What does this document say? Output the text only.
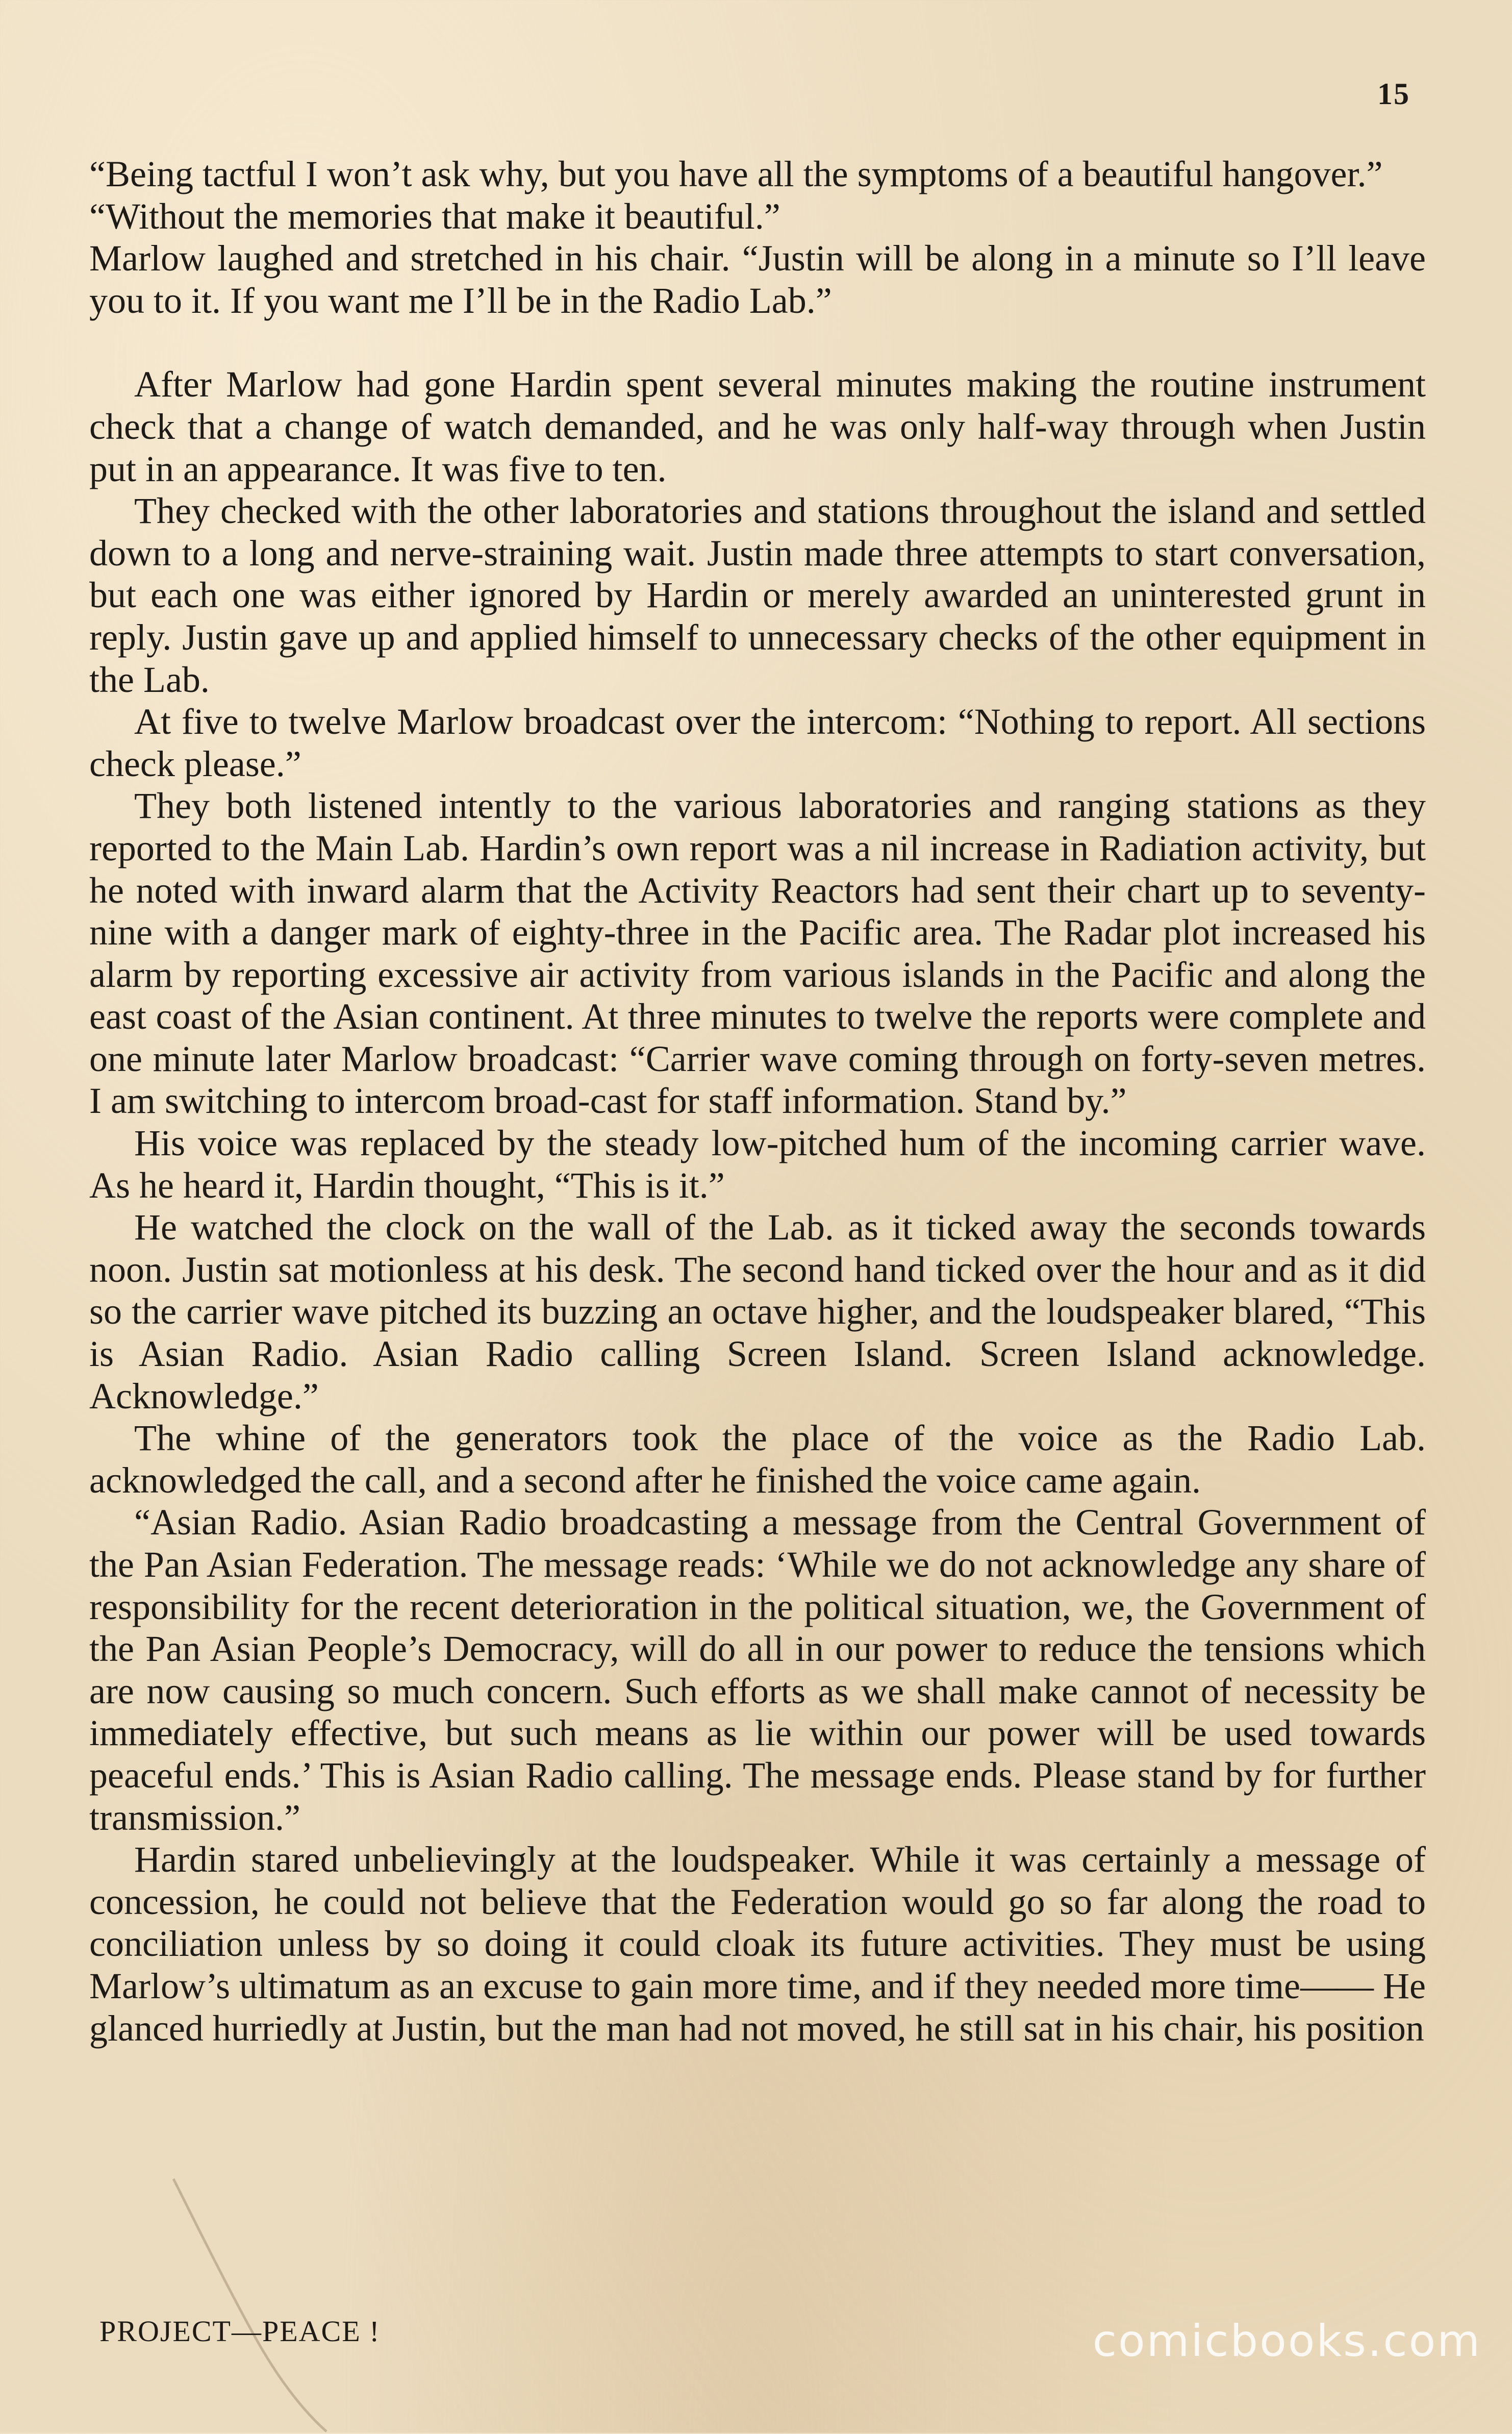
15

“Being tactful I won’t ask why, but you have all the symptoms of a beautiful hangover.”

“Without the memories that make it beautiful.”

Marlow laughed and stretched in his chair. “Justin will be along in a minute so I’ll leave you to it. If you want me I’ll be in the Radio Lab.”

After Marlow had gone Hardin spent several minutes making the routine instrument check that a change of watch demanded, and he was only half-way through when Justin put in an appearance. It was five to ten.

They checked with the other laboratories and stations throughout the island and settled down to a long and nerve-straining wait. Justin made three attempts to start conversation, but each one was either ignored by Hardin or merely awarded an uninterested grunt in reply. Justin gave up and applied himself to unnecessary checks of the other equipment in the Lab.

At five to twelve Marlow broadcast over the intercom: “Nothing to report. All sections check please.”

They both listened intently to the various laboratories and ranging stations as they reported to the Main Lab. Hardin’s own report was a nil increase in Radiation activity, but he noted with inward alarm that the Activity Reactors had sent their chart up to seventy-nine with a danger mark of eighty-three in the Pacific area. The Radar plot increased his alarm by reporting excessive air activity from various islands in the Pacific and along the east coast of the Asian continent. At three minutes to twelve the reports were complete and one minute later Marlow broadcast: “Carrier wave coming through on forty-seven metres. I am switching to intercom broad-cast for staff information. Stand by.”

His voice was replaced by the steady low-pitched hum of the incoming carrier wave. As he heard it, Hardin thought, “This is it.”

He watched the clock on the wall of the Lab. as it ticked away the seconds towards noon. Justin sat motionless at his desk. The second hand ticked over the hour and as it did so the carrier wave pitched its buzzing an octave higher, and the loudspeaker blared, “This is Asian Radio. Asian Radio calling Screen Island. Screen Island acknowledge. Acknowledge.”

The whine of the generators took the place of the voice as the Radio Lab. acknowledged the call, and a second after he finished the voice came again.

“Asian Radio. Asian Radio broadcasting a message from the Central Government of the Pan Asian Federation. The message reads: ‘While we do not acknowledge any share of responsibility for the recent deterioration in the political situation, we, the Government of the Pan Asian People’s Democracy, will do all in our power to reduce the tensions which are now causing so much concern. Such efforts as we shall make cannot of necessity be immediately effective, but such means as lie within our power will be used towards peaceful ends.’ This is Asian Radio calling. The message ends. Please stand by for further transmission.”

Hardin stared unbelievingly at the loudspeaker. While it was certainly a message of concession, he could not believe that the Federation would go so far along the road to conciliation unless by so doing it could cloak its future activities. They must be using Marlow’s ultimatum as an excuse to gain more time, and if they needed more time—— He glanced hurriedly at Justin, but the man had not moved, he still sat in his chair, his position

PROJECT—PEACE !	comicbooks.com
